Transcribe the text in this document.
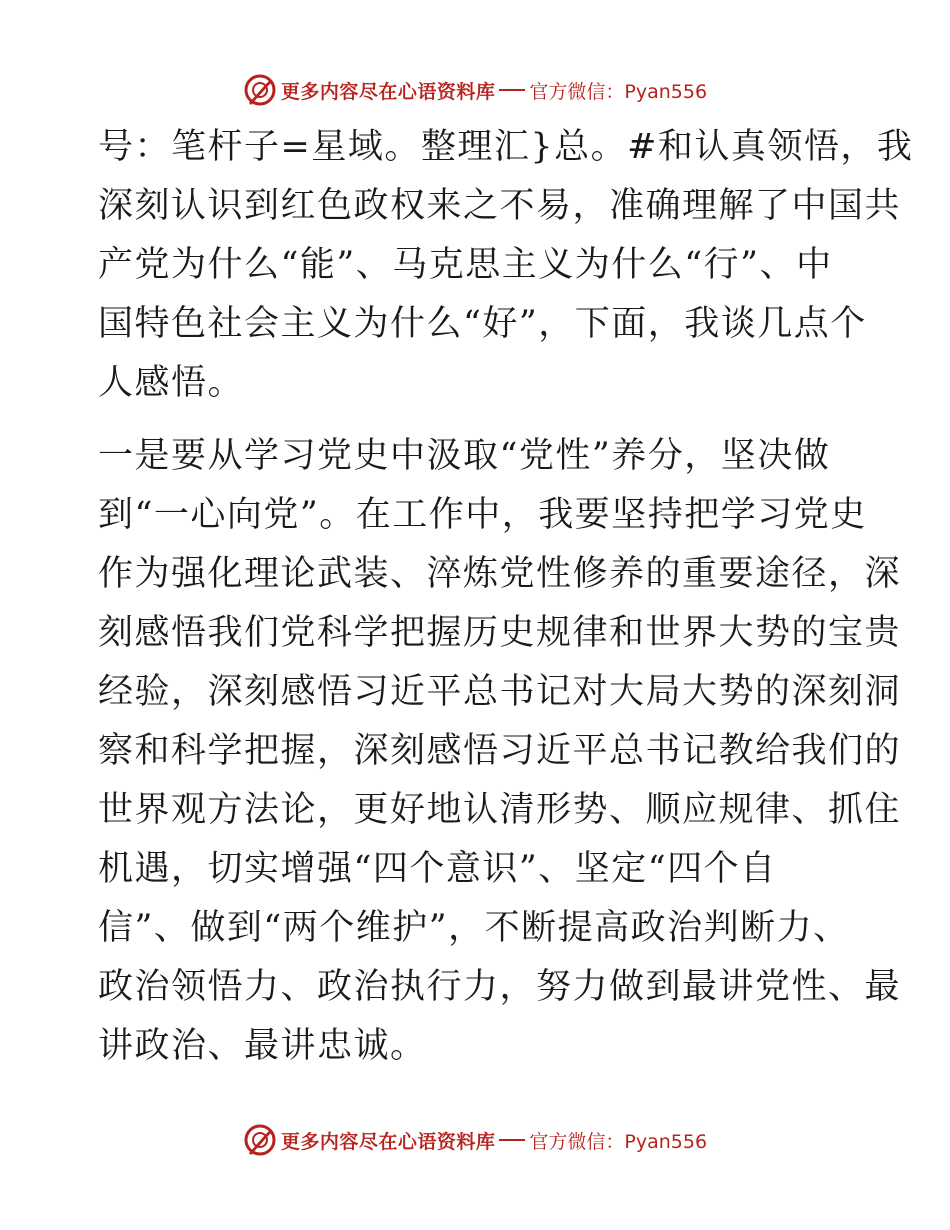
更多内容尽在心语资料库 官方微信：Pyan556
号：笔杆子=星域。整理汇}总。#和认真领悟，我
深刻认识到红色政权来之不易，准确理解了中国共
产党为什么“能”、马克思主义为什么“行”、中
国特色社会主义为什么“好”，下面，我谈几点个
人感悟。
一是要从学习党史中汲取“党性”养分，坚决做
到“一心向党”。在工作中，我要坚持把学习党史
作为强化理论武装、淬炼党性修养的重要途径，深
刻感悟我们党科学把握历史规律和世界大势的宝贵
经验，深刻感悟习近平总书记对大局大势的深刻洞
察和科学把握，深刻感悟习近平总书记教给我们的
世界观方法论，更好地认清形势、顺应规律、抓住
机遇，切实增强“四个意识”、坚定“四个自
信”、做到“两个维护”，不断提高政治判断力、
政治领悟力、政治执行力，努力做到最讲党性、最
讲政治、最讲忠诚。
更多内容尽在心语资料库 官方微信：Pyan556
